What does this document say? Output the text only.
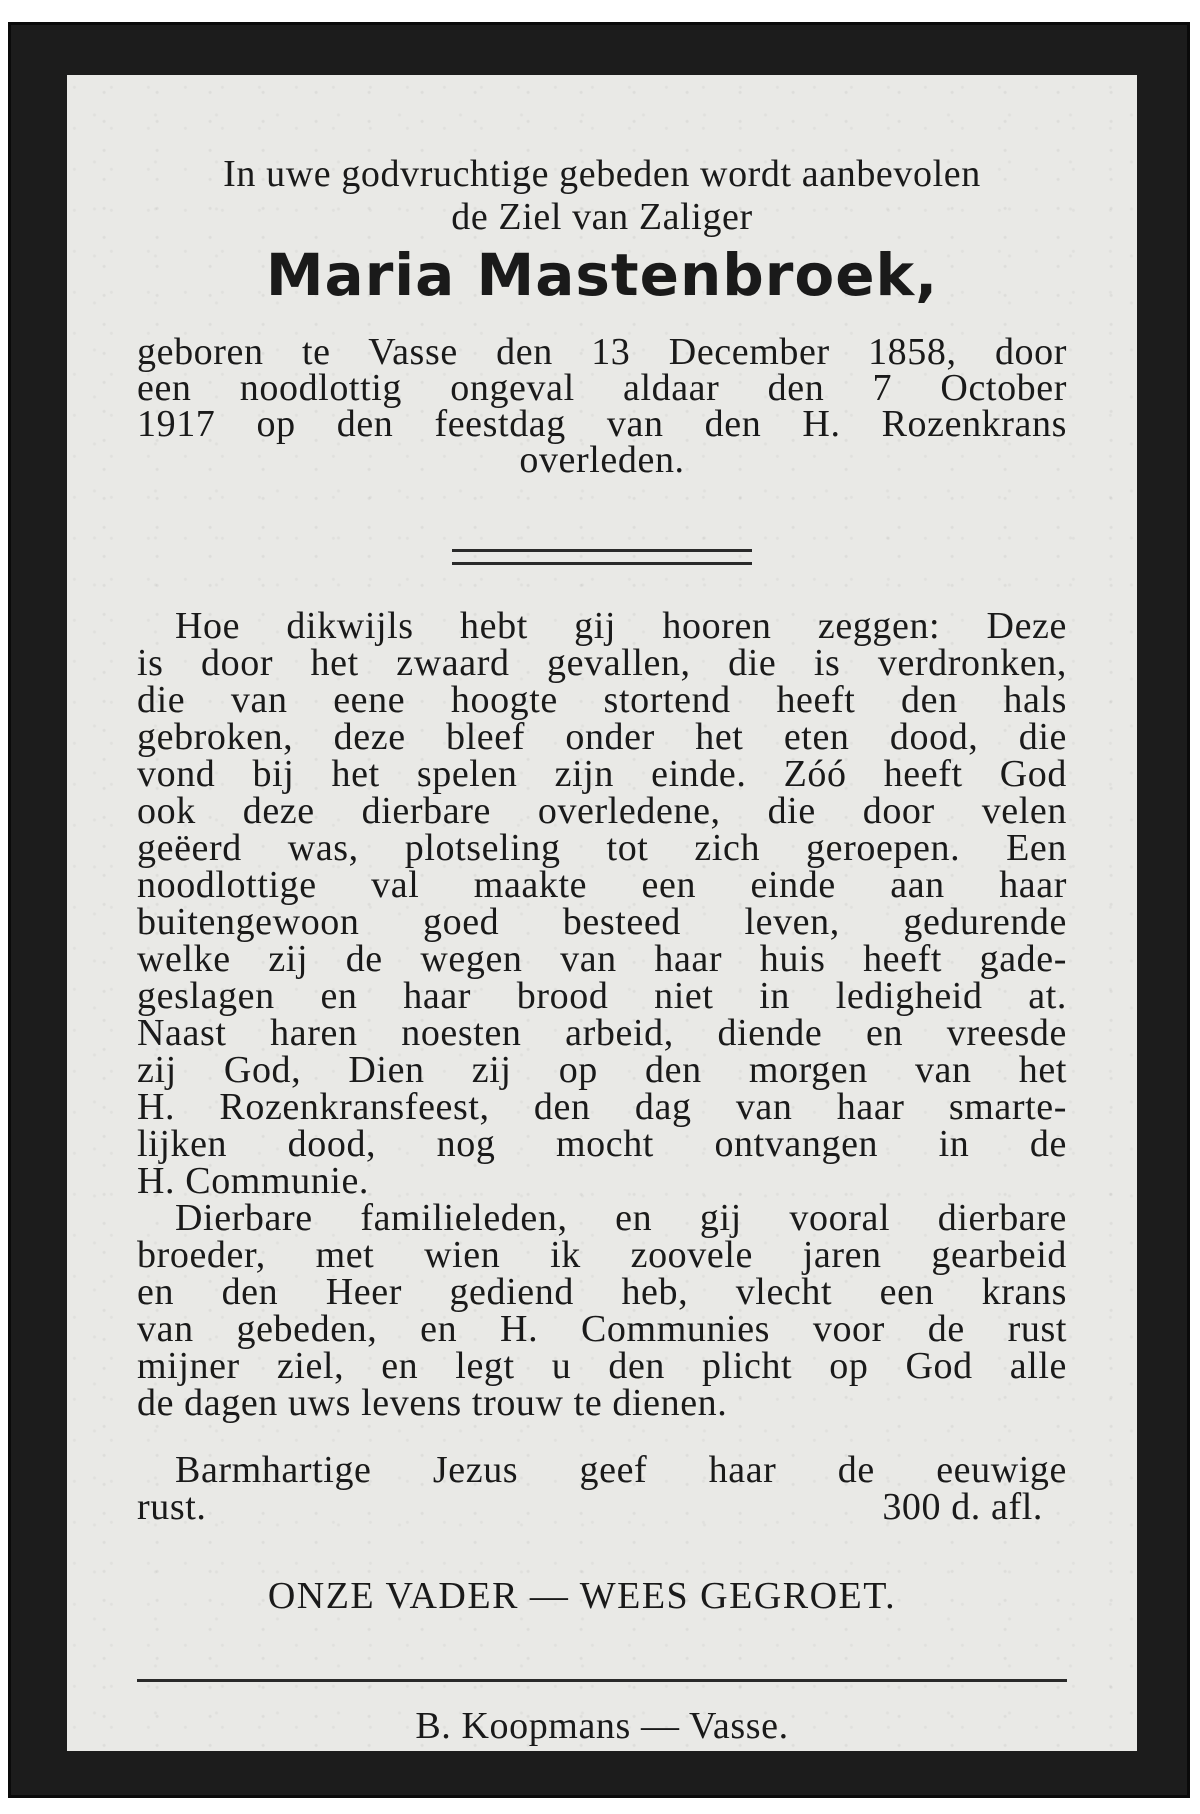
In uwe godvruchtige gebeden wordt aanbevolen
de Ziel van Zaliger
Maria Mastenbroek,
geboren te Vasse den 13 December 1858, door
een noodlottig ongeval aldaar den 7 October
1917 op den feestdag van den H. Rozenkrans
overleden.
Hoe dikwijls hebt gij hooren zeggen: Deze
is door het zwaard gevallen, die is verdronken,
die van eene hoogte stortend heeft den hals
gebroken, deze bleef onder het eten dood, die
vond bij het spelen zijn einde. Zóó heeft God
ook deze dierbare overledene, die door velen
geëerd was, plotseling tot zich geroepen. Een
noodlottige val maakte een einde aan haar
buitengewoon goed besteed leven, gedurende
welke zij de wegen van haar huis heeft gade-
geslagen en haar brood niet in ledigheid at.
Naast haren noesten arbeid, diende en vreesde
zij God, Dien zij op den morgen van het
H. Rozenkransfeest, den dag van haar smarte-
lijken dood, nog mocht ontvangen in de
H. Communie.
Dierbare familieleden, en gij vooral dierbare
broeder, met wien ik zoovele jaren gearbeid
en den Heer gediend heb, vlecht een krans
van gebeden, en H. Communies voor de rust
mijner ziel, en legt u den plicht op God alle
de dagen uws levens trouw te dienen.
Barmhartige Jezus geef haar de eeuwige
rust.	300 d. afl.
ONZE VADER — WEES GEGROET.
B. Koopmans — Vasse.
